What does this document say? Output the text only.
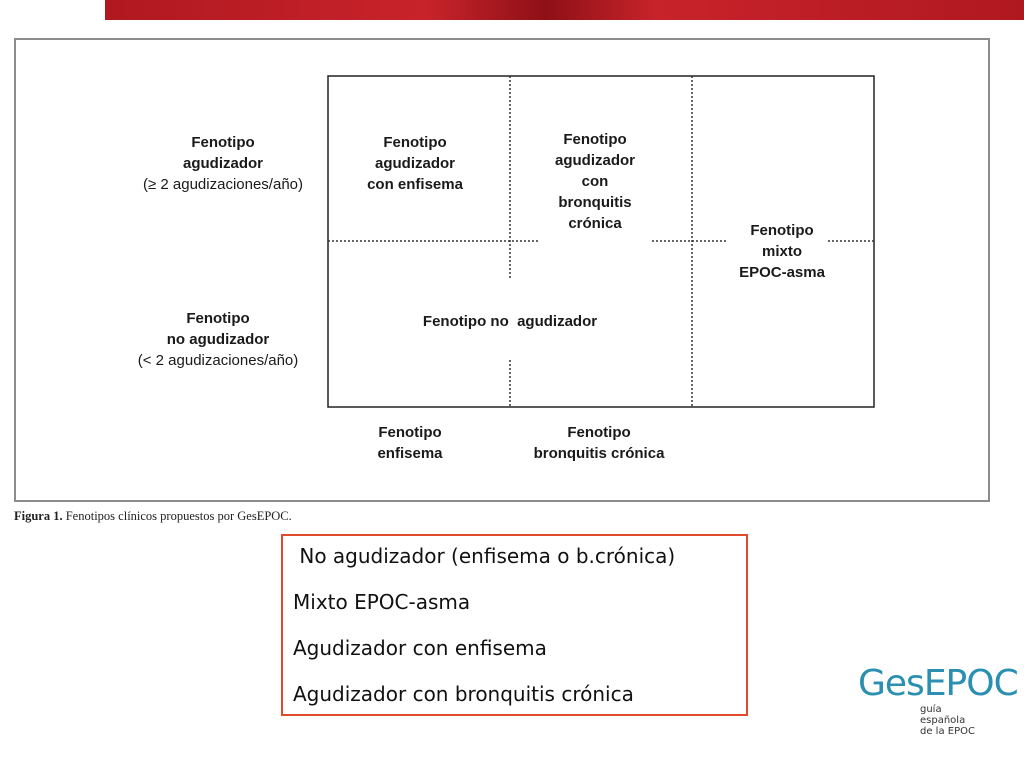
Fenotipo
agudizador
(≥ 2 agudizaciones/año)
Fenotipo
no agudizador
(< 2 agudizaciones/año)
Fenotipo
agudizador
con enfisema
Fenotipo
agudizador
con
bronquitis
crónica	Fenotipo
mixto
EPOC-asma
Fenotipo no  agudizador
Fenotipo
enfisema
Fenotipo
bronquitis crónica
Figura 1. Fenotipos clínicos propuestos por GesEPOC.
No agudizador (enfisema o b.crónica)
Mixto EPOC-asma
Agudizador con enfisema
Agudizador con bronquitis crónica	GesEPOC
guía
española
de la EPOC
